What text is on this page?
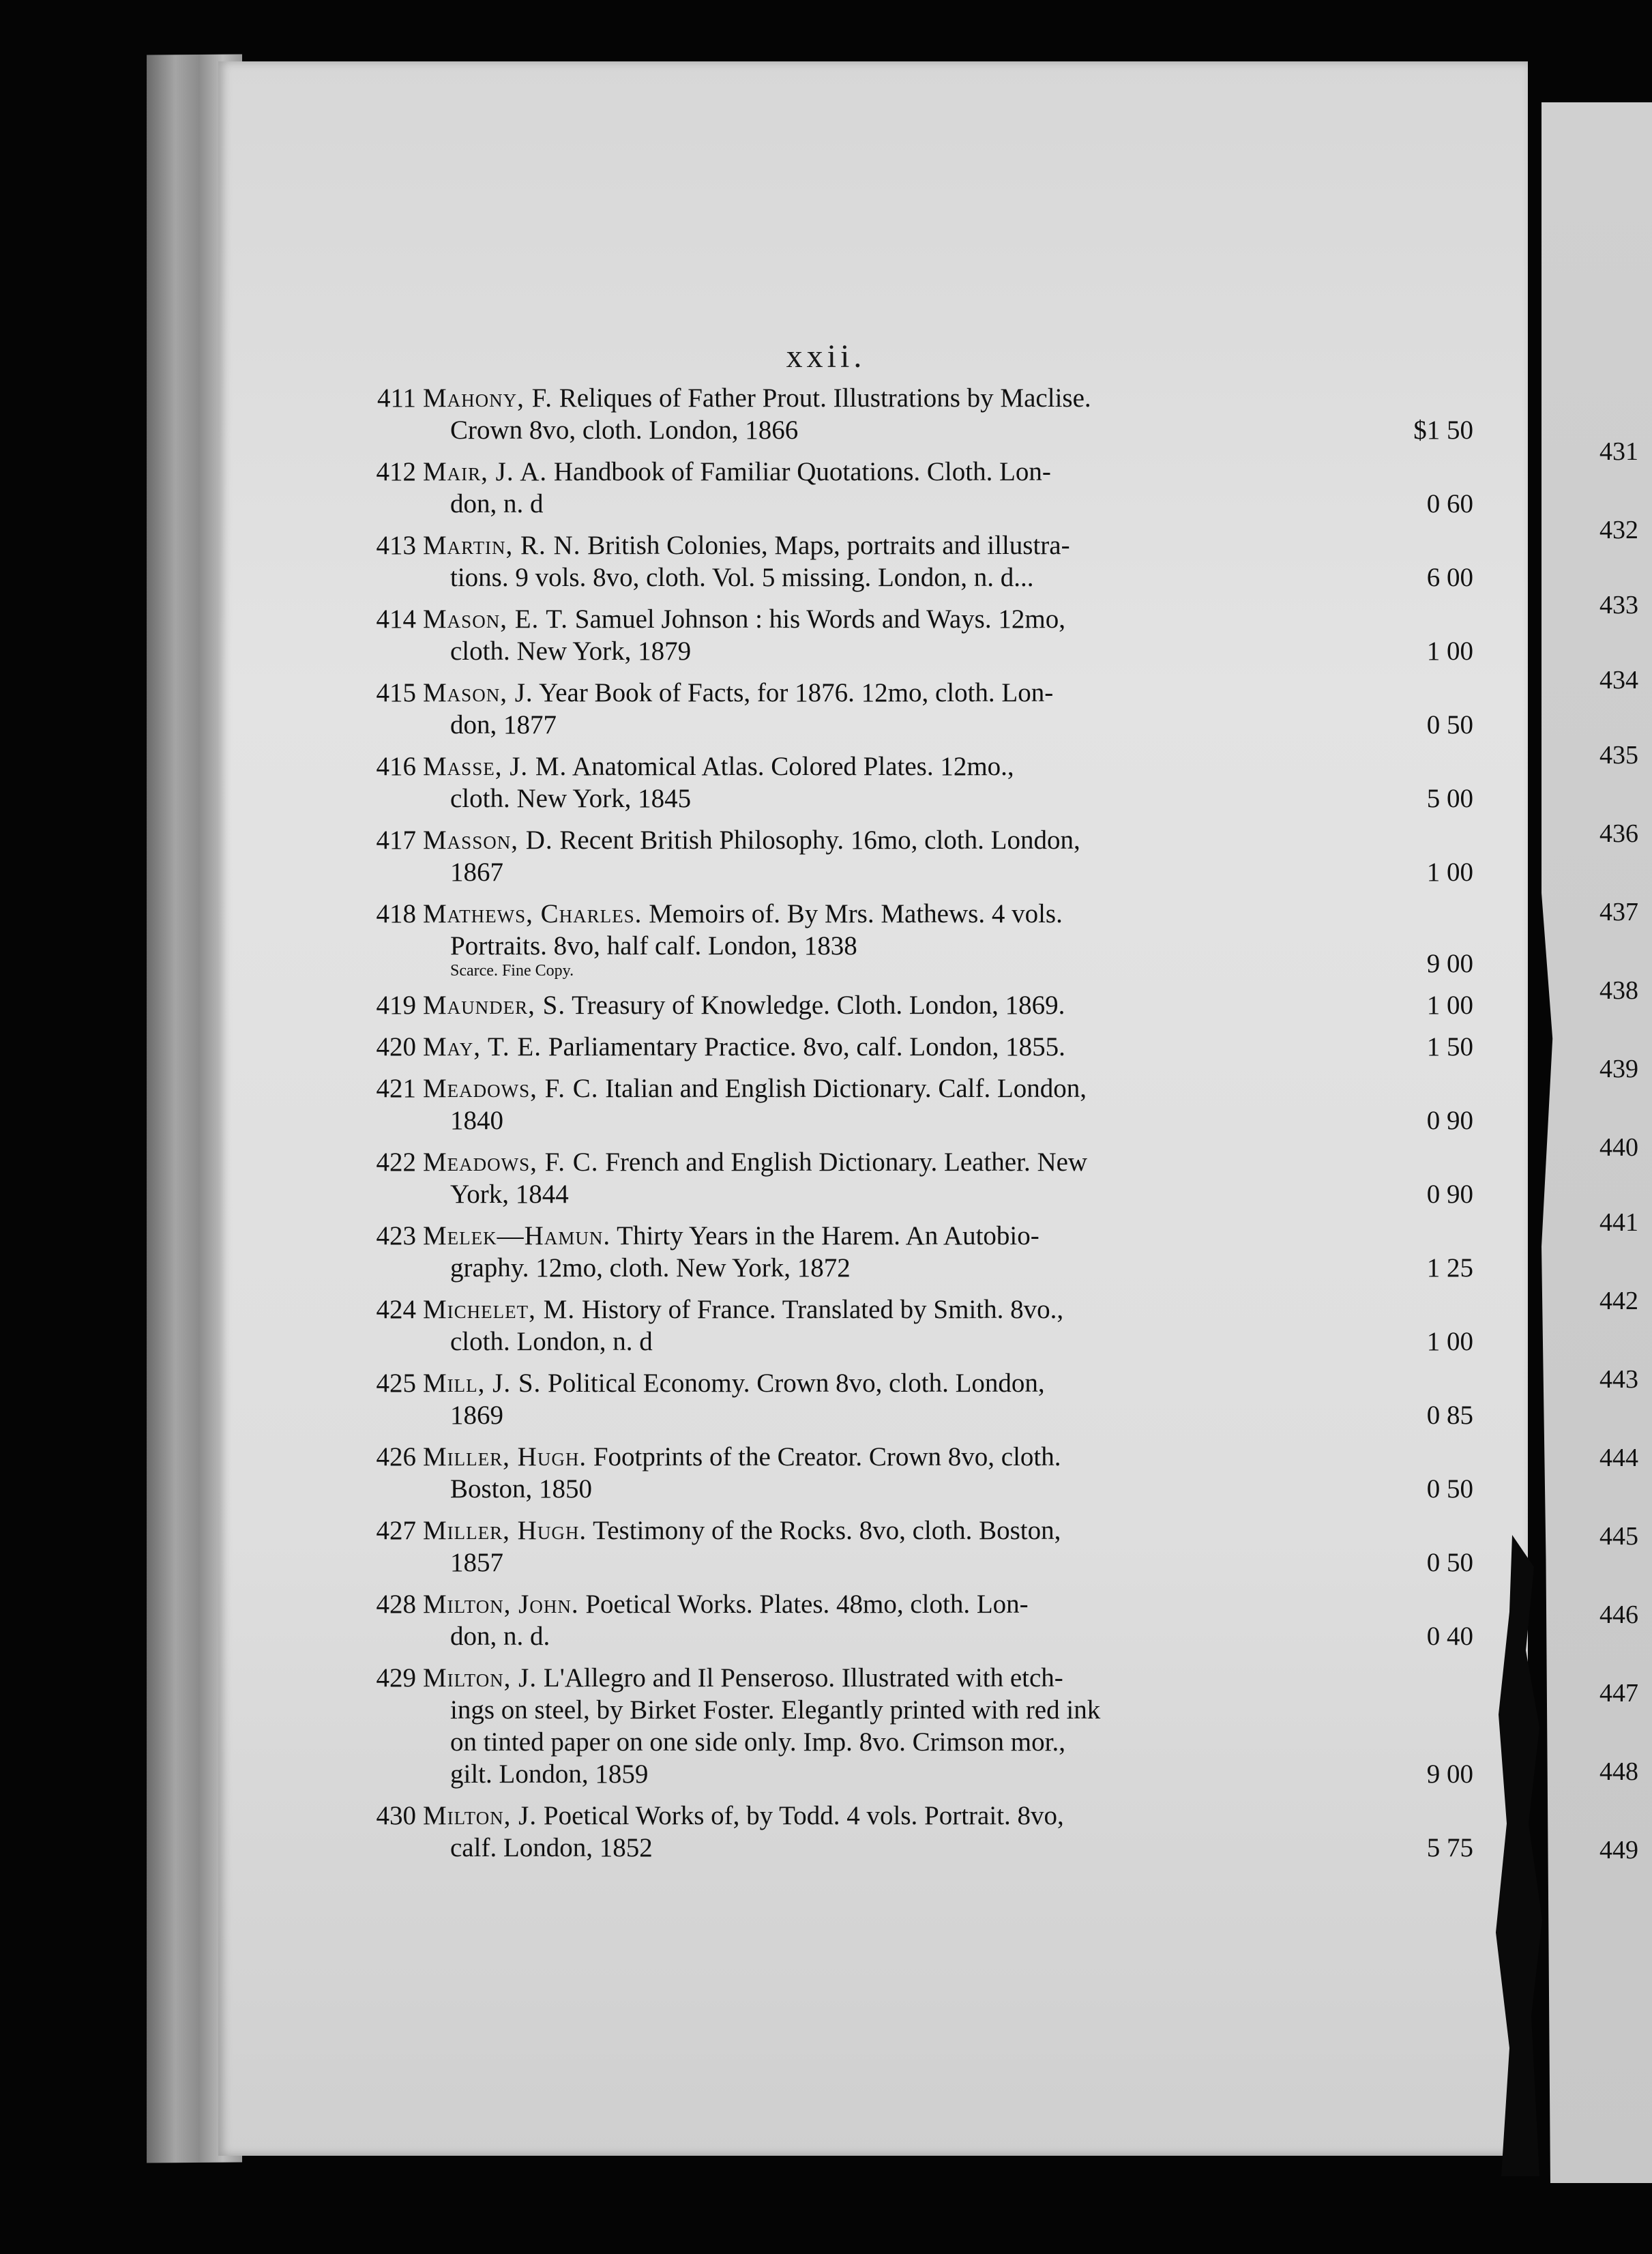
xxii.
411 Mahony, F. Reliques of Father Prout. Illustrations by Maclise.
Crown 8vo, cloth. London, 1866	$1 50
412 Mair, J. A. Handbook of Familiar Quotations. Cloth. Lon-
don, n. d	0 60
413 Martin, R. N. British Colonies, Maps, portraits and illustra-
tions. 9 vols. 8vo, cloth. Vol. 5 missing. London, n. d...	6 00
414 Mason, E. T. Samuel Johnson : his Words and Ways. 12mo,
cloth. New York, 1879	1 00
415 Mason, J. Year Book of Facts, for 1876. 12mo, cloth. Lon-
don, 1877	0 50
416 Masse, J. M. Anatomical Atlas. Colored Plates. 12mo.,
cloth. New York, 1845	5 00
417 Masson, D. Recent British Philosophy. 16mo, cloth. London,
1867	1 00
418 Mathews, Charles. Memoirs of. By Mrs. Mathews. 4 vols.
Portraits. 8vo, half calf. London, 1838
Scarce. Fine Copy.	9 00
419 Maunder, S. Treasury of Knowledge. Cloth. London, 1869.	1 00
420 May, T. E. Parliamentary Practice. 8vo, calf. London, 1855.	1 50
421 Meadows, F. C. Italian and English Dictionary. Calf. London,
1840	0 90
422 Meadows, F. C. French and English Dictionary. Leather. New
York, 1844	0 90
423 Melek—Hamun. Thirty Years in the Harem. An Autobio-
graphy. 12mo, cloth. New York, 1872	1 25
424 Michelet, M. History of France. Translated by Smith. 8vo.,
cloth. London, n. d	1 00
425 Mill, J. S. Political Economy. Crown 8vo, cloth. London,
1869	0 85
426 Miller, Hugh. Footprints of the Creator. Crown 8vo, cloth.
Boston, 1850	0 50
427 Miller, Hugh. Testimony of the Rocks. 8vo, cloth. Boston,
1857	0 50
428 Milton, John. Poetical Works. Plates. 48mo, cloth. Lon-
don, n. d.	0 40
429 Milton, J. L'Allegro and Il Penseroso. Illustrated with etch-
ings on steel, by Birket Foster. Elegantly printed with red ink
on tinted paper on one side only. Imp. 8vo. Crimson mor.,
gilt. London, 1859	9 00
430 Milton, J. Poetical Works of, by Todd. 4 vols. Portrait. 8vo,
calf. London, 1852	5 75
431
432
433
434
435
436
437
438
439
440
441
442
443
444
445
446
447
448
449
